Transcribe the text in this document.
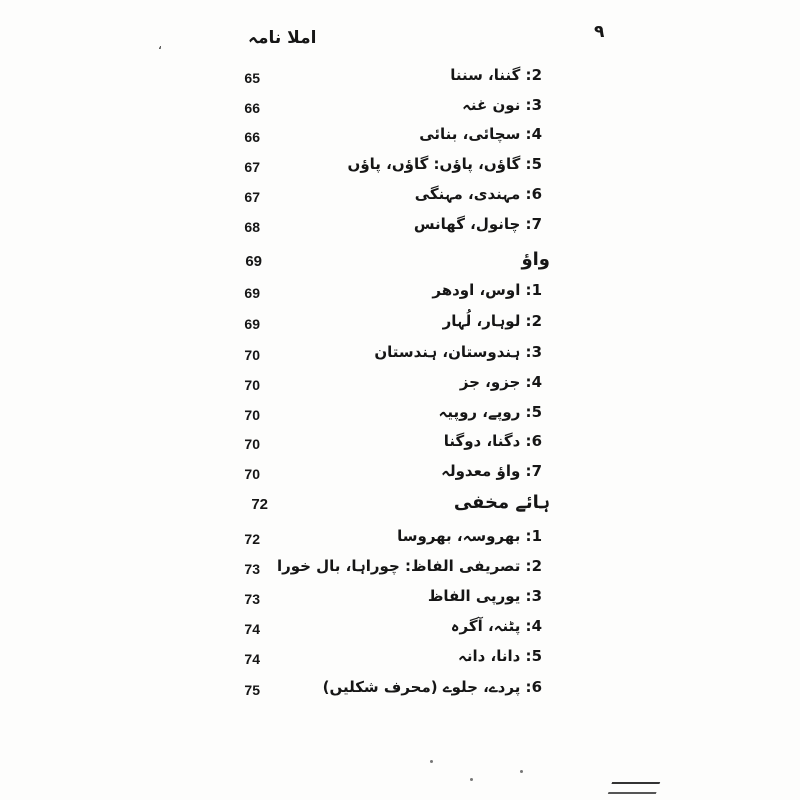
املا نامہ
،
۹
2: گننا، سننا
65
3: نون غنہ
66
4: سچائی، بنائی
66
5: گاؤں، پاؤں: گاؤں، پاؤں
67
6: مہندی، مہنگی
67
7: چانول، گھانس
68
واؤ
69
1: اوس، اودھر
69
2: لوہار، لُہار
69
3: ہندوستان، ہندستان
70
4: جزو، جز
70
5: روپے، روپیہ
70
6: دگنا، دوگنا
70
7: واؤ معدولہ
70
ہائے مخفی
72
1: بھروسہ، بھروسا
72
2: تصریفی الفاظ: چوراہا، بال خورا
73
3: یورپی الفاظ
73
4: پٹنہ، آگرہ
74
5: دانا، دانہ
74
6: پردے، جلوے (محرف شکلیں)
75
